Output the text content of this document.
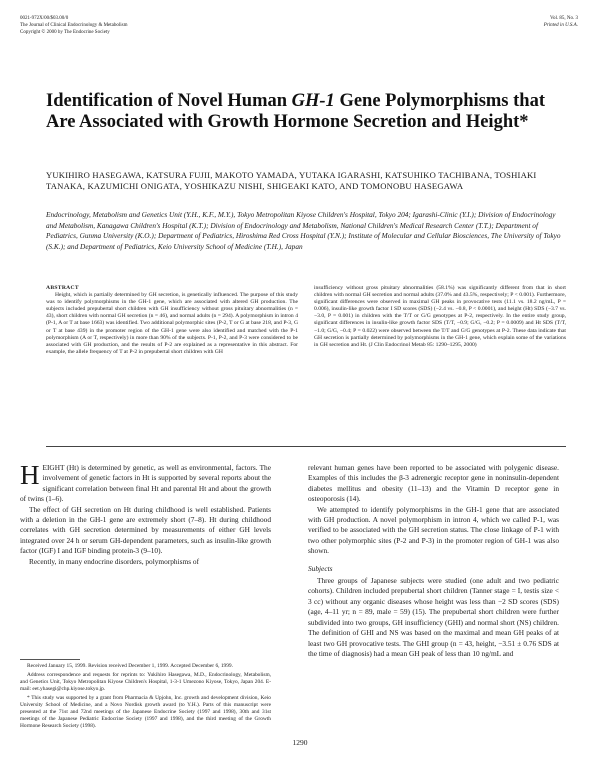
0021-972X/00/$03.00/0
The Journal of Clinical Endocrinology & Metabolism
Copyright © 2000 by The Endocrine Society
Vol. 85, No. 3
Printed in U.S.A.
Identification of Novel Human GH-1 Gene Polymorphisms that Are Associated with Growth Hormone Secretion and Height*

YUKIHIRO HASEGAWA, KATSURA FUJII, MAKOTO YAMADA, YUTAKA IGARASHI, KATSUHIKO TACHIBANA, TOSHIAKI TANAKA, KAZUMICHI ONIGATA, YOSHIKAZU NISHI, SHIGEAKI KATO, AND TOMONOBU HASEGAWA

Endocrinology, Metabolism and Genetics Unit (Y.H., K.F., M.Y.), Tokyo Metropolitan Kiyose Children's Hospital, Tokyo 204; Igarashi-Clinic (Y.I.); Division of Endocrinology and Metabolism, Kanagawa Children's Hospital (K.T.); Division of Endocrinology and Metabolism, National Children's Medical Research Center (T.T.); Department of Pediatrics, Gunma University (K.O.); Department of Pediatrics, Hiroshima Red Cross Hospital (Y.N.); Institute of Molecular and Cellular Biosciences, The University of Tokyo (S.K.); and Department of Pediatrics, Keio University School of Medicine (T.H.), Japan

ABSTRACT
Height, which is partially determined by GH secretion, is genetically influenced. The purpose of this study was to identify polymorphisms in the GH-1 gene, which are associated with altered GH production. The subjects included prepubertal short children with GH insufficiency without gross pituitary abnormalities (n = 43), short children with normal GH secretion (n = 46), and normal adults (n = 294). A polymorphism in intron 4 (P-1, A or T at base 1663) was identified. Two additional polymorphic sites (P-2, T or G at base 218, and P-3, G or T at base 439) in the promoter region of the GH-1 gene were also identified and matched with the P-1 polymorphism (A or T, respectively) in more than 90% of the subjects. P-1, P-2, and P-3 were considered to be associated with GH production, and the results of P-2 are explained as a representative in this abstract. For example, the allele frequency of T at P-2 in prepubertal short children with GH
insufficiency without gross pituitary abnormalities (58.1%) was significantly different from that in short children with normal GH secretion and normal adults (37.0% and 43.5%, respectively; P < 0.001). Furthermore, significant differences were observed in maximal GH peaks in provocative tests (11.1 vs. 18.2 ng/mL, P = 0.006), insulin-like growth factor I SD scores (SDS) (−2.4 vs. −0.8, P < 0.0001), and height (Ht) SDS (−3.7 vs. −3.0, P = 0.001) in children with the T/T or G/G genotypes at P-2, respectively. In the entire study group, significant differences in insulin-like growth factor SDS (T/T, −0.9; G/G, −0.2; P = 0.0009) and Ht SDS (T/T, −1.0; G/G, −0.4; P = 0.022) were observed between the T/T and G/G genotypes at P-2. These data indicate that GH secretion is partially determined by polymorphisms in the GH-1 gene, which explain some of the variations in GH secretion and Ht. (J Clin Endocrinol Metab 85: 1290–1295, 2000)

HEIGHT (Ht) is determined by genetic, as well as environmental, factors. The involvement of genetic factors in Ht is supported by several reports about the significant correlation between final Ht and parental Ht and about the growth of twins (1–6).

The effect of GH secretion on Ht during childhood is well established. Patients with a deletion in the GH-1 gene are extremely short (7–8). Ht during childhood correlates with GH secretion determined by measurements of either GH levels integrated over 24 h or serum GH-dependent parameters, such as insulin-like growth factor (IGF) I and IGF binding protein-3 (9–10).

Recently, in many endocrine disorders, polymorphisms of

Received January 15, 1999. Revision received December 1, 1999. Accepted December 6, 1999.

Address correspondence and requests for reprints to: Yukihiro Hasegawa, M.D., Endocrinology, Metabolism, and Genetics Unit, Tokyo Metropolitan Kiyose Children's Hospital, 1-3-1 Umezono Kiyose, Tokyo, Japan 204. E-mail: eet.yhasegi@chp.kiyose.tokyo.jp.

* This study was supported by a grant from Pharmacia & Upjohn, Inc. growth and development division, Keio University School of Medicine, and a Novo Nordisk growth award (to Y.H.). Parts of this manuscript were presented at the 71st and 72nd meetings of the Japanese Endocrine Society (1997 and 1998), 30th and 31st meetings of the Japanese Pediatric Endocrine Society (1997 and 1998), and the third meeting of the Growth Hormone Research Society (1998).

relevant human genes have been reported to be associated with polygenic disease. Examples of this includes the β-3 adrenergic receptor gene in noninsulin-dependent diabetes mellitus and obesity (11–13) and the Vitamin D receptor gene in osteoporosis (14).

We attempted to identify polymorphisms in the GH-1 gene that are associated with GH production. A novel polymorphism in intron 4, which we called P-1, was verified to be associated with the GH secretion status. The close linkage of P-1 with two other polymorphic sites (P-2 and P-3) in the promoter region of GH-1 was also shown.

Subjects

Three groups of Japanese subjects were studied (one adult and two pediatric cohorts). Children included prepubertal short children (Tanner stage = I, testis size < 3 cc) without any organic diseases whose height was less than −2 SD scores (SDS) (age, 4–11 yr; n = 89, male = 59) (15). The prepubertal short children were further subdivided into two groups, GH insufficiency (GHI) and normal short (NS) children. The definition of GHI and NS was based on the maximal and mean GH peaks of at least two GH provocative tests. The GHI group (n = 43, height, −3.51 ± 0.76 SDS at the time of diagnosis) had a mean GH peak of less than 10 ng/mL and

1290
